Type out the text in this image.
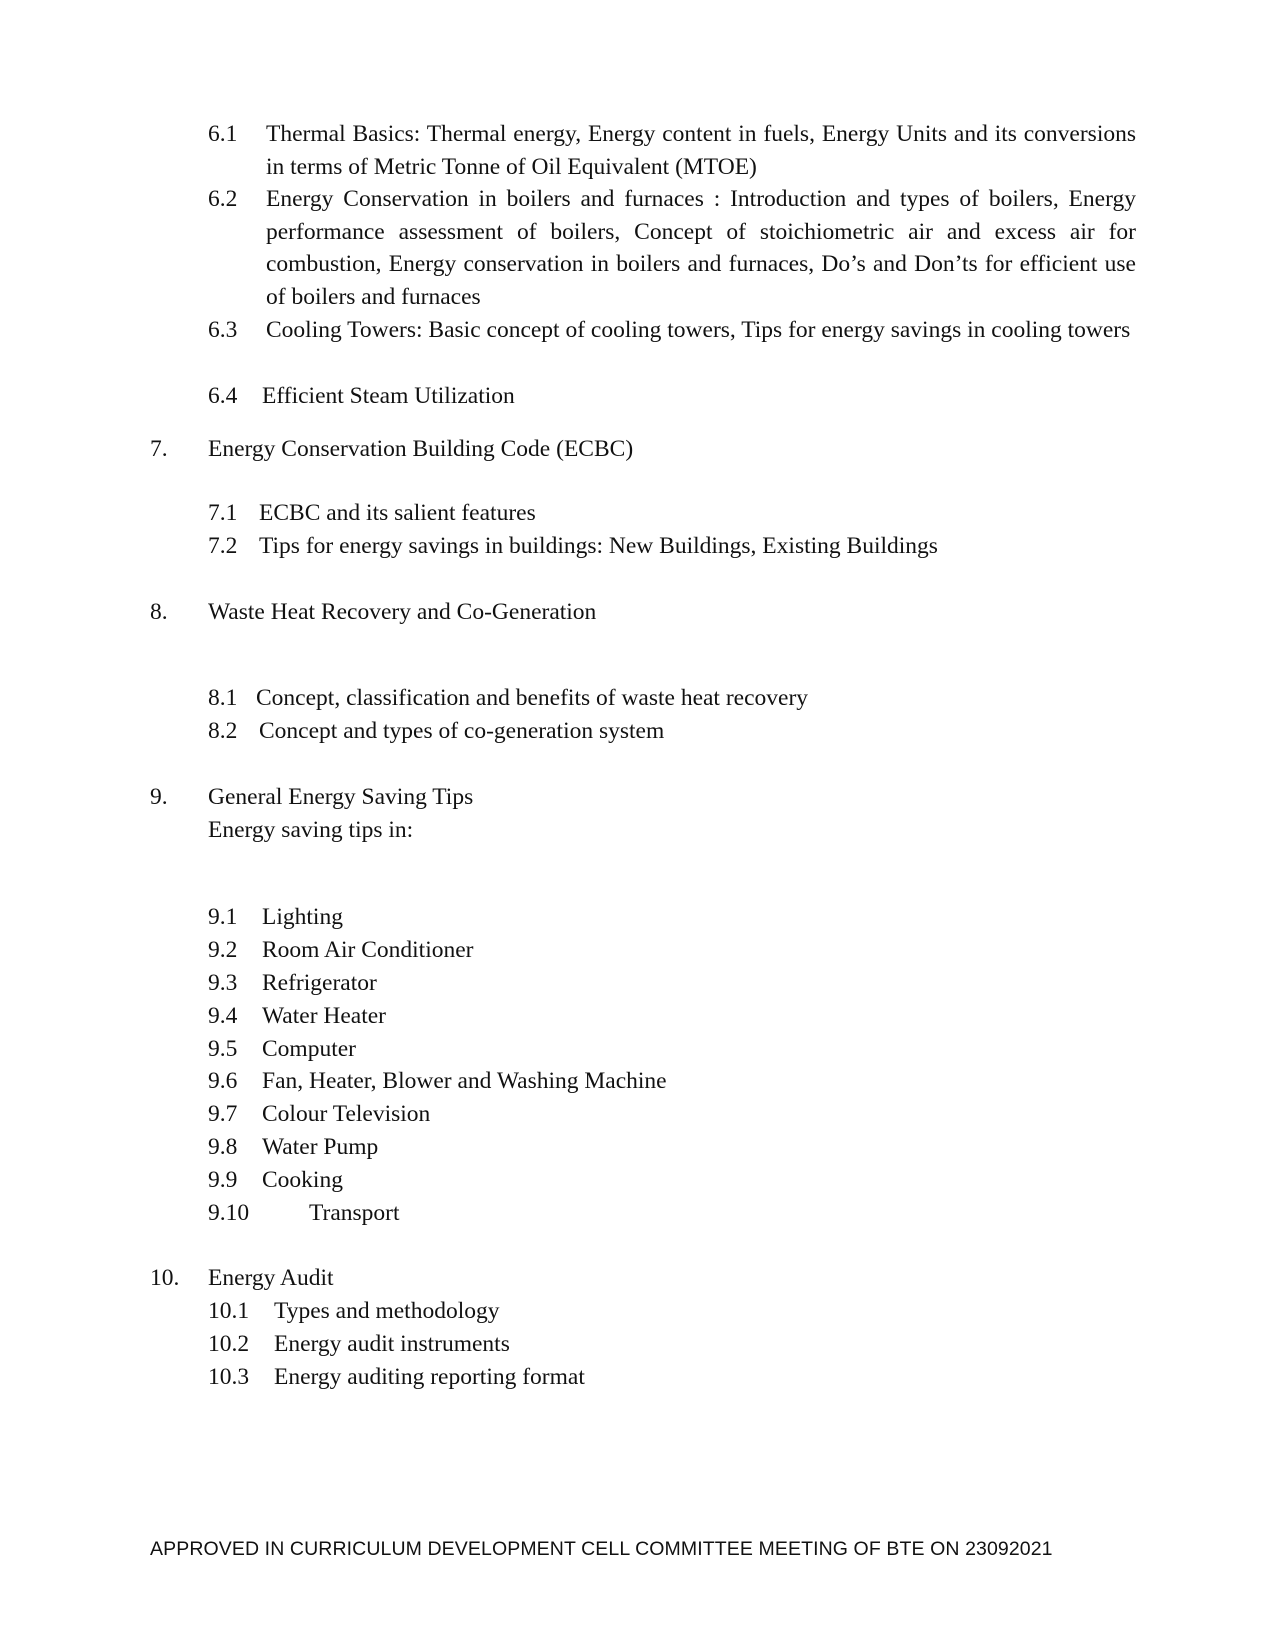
6.1 Thermal Basics: Thermal energy, Energy content in fuels, Energy Units and its conversions in terms of Metric Tonne of Oil Equivalent (MTOE)
6.2 Energy Conservation in boilers and furnaces : Introduction and types of boilers, Energy performance assessment of boilers, Concept of stoichiometric air and excess air for combustion, Energy conservation in boilers and furnaces, Do’s and Don’ts for efficient use of boilers and furnaces
6.3 Cooling Towers: Basic concept of cooling towers, Tips for energy savings in cooling towers
6.4 Efficient Steam Utilization
7. Energy Conservation Building Code (ECBC)
7.1 ECBC and its salient features
7.2 Tips for energy savings in buildings: New Buildings, Existing Buildings
8. Waste Heat Recovery and Co-Generation
8.1 Concept, classification and benefits of waste heat recovery
8.2 Concept and types of co-generation system
9. General Energy Saving Tips
Energy saving tips in:
9.1 Lighting
9.2 Room Air Conditioner
9.3 Refrigerator
9.4 Water Heater
9.5 Computer
9.6 Fan, Heater, Blower and Washing Machine
9.7 Colour Television
9.8 Water Pump
9.9 Cooking
9.10	Transport
10. Energy Audit
10.1 Types and methodology
10.2 Energy audit instruments
10.3 Energy auditing reporting format
APPROVED IN CURRICULUM DEVELOPMENT CELL COMMITTEE MEETING OF BTE ON 23092021
